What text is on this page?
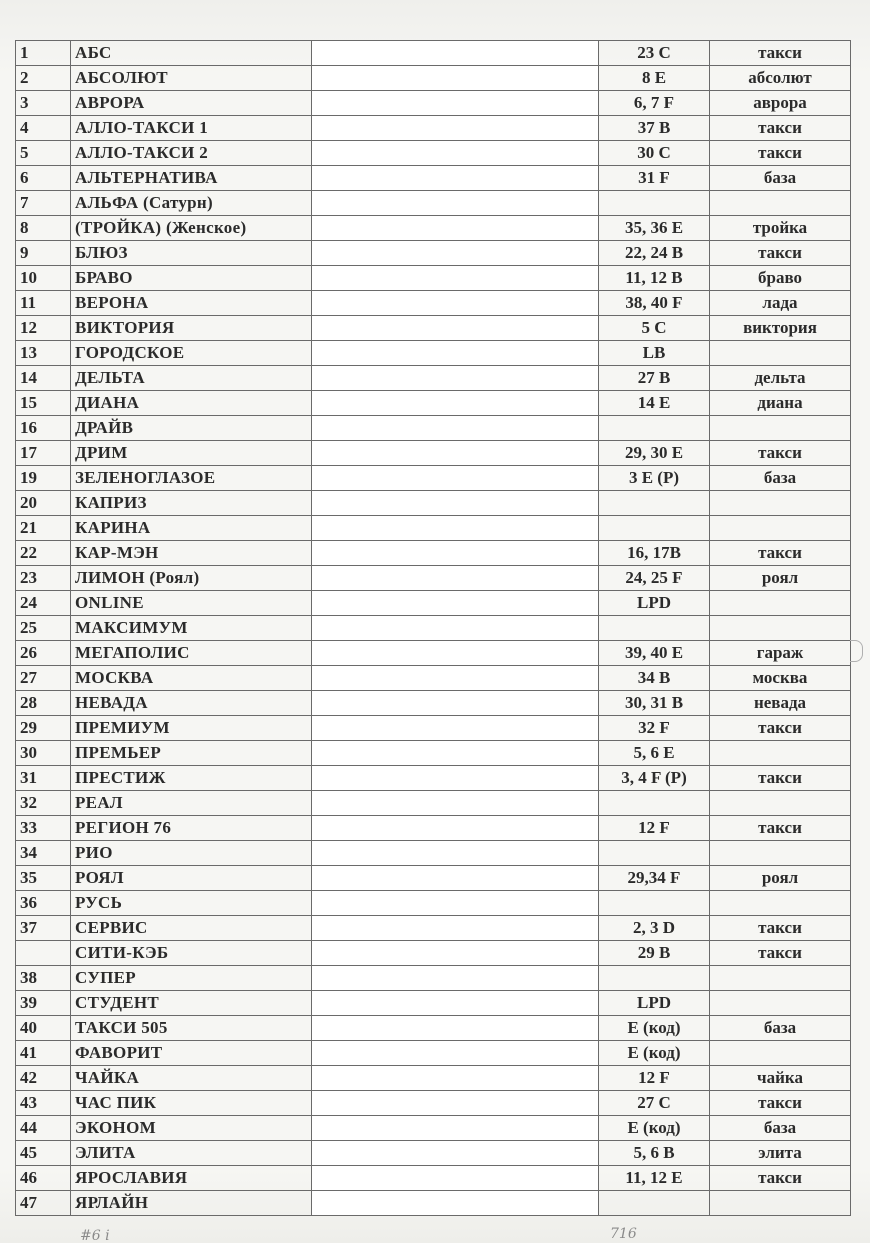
1	АБС		23 C	такси
2	АБСОЛЮТ		8 E	абсолют
3	АВРОРА		6, 7 F	аврора
4	АЛЛО-ТАКСИ 1		37 B	такси
5	АЛЛО-ТАКСИ 2		30 C	такси
6	АЛЬТЕРНАТИВА		31 F	база
7	АЛЬФА (Сатурн)			
8	(ТРОЙКА) (Женское)		35, 36 E	тройка
9	БЛЮЗ		22, 24 B	такси
10	БРАВО		11, 12 B	браво
11	ВЕРОНА		38, 40 F	лада
12	ВИКТОРИЯ		5 C	виктория
13	ГОРОДСКОЕ		LB	
14	ДЕЛЬТА		27 B	дельта
15	ДИАНА		14 E	диана
16	ДРАЙВ			
17	ДРИМ		29, 30 E	такси
19	ЗЕЛЕНОГЛАЗОЕ		3 E (P)	база
20	КАПРИЗ			
21	КАРИНА			
22	КАР-МЭН		16, 17B	такси
23	ЛИМОН (Роял)		24, 25 F	роял
24	ONLINE		LPD	
25	МАКСИМУМ			
26	МЕГАПОЛИС		39, 40 E	гараж
27	МОСКВА		34 B	москва
28	НЕВАДА		30, 31 B	невада
29	ПРЕМИУМ		32 F	такси
30	ПРЕМЬЕР		5, 6 E	
31	ПРЕСТИЖ		3, 4 F (P)	такси
32	РЕАЛ			
33	РЕГИОН 76		12 F	такси
34	РИО			
35	РОЯЛ		29,34 F	роял
36	РУСЬ			
37	СЕРВИС		2, 3 D	такси
	СИТИ-КЭБ		29 B	такси
38	СУПЕР			
39	СТУДЕНТ		LPD	
40	ТАКСИ 505		E (код)	база
41	ФАВОРИТ		E (код)	
42	ЧАЙКА		12 F	чайка
43	ЧАС ПИК		27 C	такси
44	ЭКОНОМ		E (код)	база
45	ЭЛИТА		5, 6 B	элита
46	ЯРОСЛАВИЯ		11, 12 E	такси
47	ЯРЛАЙН			
#6 i	716
